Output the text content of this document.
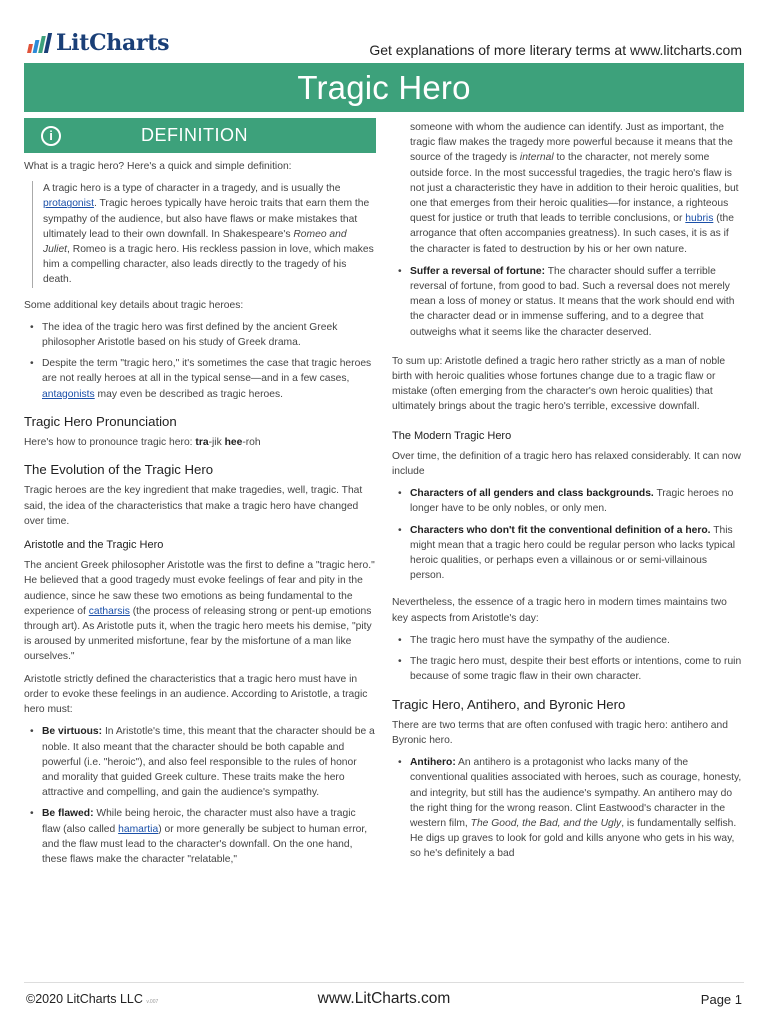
LitCharts	Get explanations of more literary terms at www.litcharts.com
Tragic Hero
i	DEFINITION

What is a tragic hero? Here's a quick and simple definition:

A tragic hero is a type of character in a tragedy, and is usually the protagonist. Tragic heroes typically have heroic traits that earn them the sympathy of the audience, but also have flaws or make mistakes that ultimately lead to their own downfall. In Shakespeare's Romeo and Juliet, Romeo is a tragic hero. His reckless passion in love, which makes him a compelling character, also leads directly to the tragedy of his death.

Some additional key details about tragic heroes:

• The idea of the tragic hero was first defined by the ancient Greek philosopher Aristotle based on his study of Greek drama.
• Despite the term "tragic hero," it's sometimes the case that tragic heroes are not really heroes at all in the typical sense—and in a few cases, antagonists may even be described as tragic heroes.
Tragic Hero Pronunciation

Here's how to pronounce tragic hero: tra-jik hee-roh

The Evolution of the Tragic Hero

Tragic heroes are the key ingredient that make tragedies, well, tragic. That said, the idea of the characteristics that make a tragic hero have changed over time.

Aristotle and the Tragic Hero

The ancient Greek philosopher Aristotle was the first to define a "tragic hero." He believed that a good tragedy must evoke feelings of fear and pity in the audience, since he saw these two emotions as being fundamental to the experience of catharsis (the process of releasing strong or pent-up emotions through art). As Aristotle puts it, when the tragic hero meets his demise, "pity is aroused by unmerited misfortune, fear by the misfortune of a man like ourselves."

Aristotle strictly defined the characteristics that a tragic hero must have in order to evoke these feelings in an audience. According to Aristotle, a tragic hero must:

• Be virtuous: In Aristotle's time, this meant that the character should be a noble. It also meant that the character should be both capable and powerful (i.e. "heroic"), and also feel responsible to the rules of honor and morality that guided Greek culture. These traits make the hero attractive and compelling, and gain the audience's sympathy.
• Be flawed: While being heroic, the character must also have a tragic flaw (also called hamartia) or more generally be subject to human error, and the flaw must lead to the character's downfall. On the one hand, these flaws make the character "relatable,"

someone with whom the audience can identify. Just as important, the tragic flaw makes the tragedy more powerful because it means that the source of the tragedy is internal to the character, not merely some outside force. In the most successful tragedies, the tragic hero's flaw is not just a characteristic they have in addition to their heroic qualities, but one that emerges from their heroic qualities—for instance, a righteous quest for justice or truth that leads to terrible conclusions, or hubris (the arrogance that often accompanies greatness). In such cases, it is as if the character is fated to destruction by his or her own nature.

• Suffer a reversal of fortune: The character should suffer a terrible reversal of fortune, from good to bad. Such a reversal does not merely mean a loss of money or status. It means that the work should end with the character dead or in immense suffering, and to a degree that outweighs what it seems like the character deserved.

To sum up: Aristotle defined a tragic hero rather strictly as a man of noble birth with heroic qualities whose fortunes change due to a tragic flaw or mistake (often emerging from the character's own heroic qualities) that ultimately brings about the tragic hero's terrible, excessive downfall.

The Modern Tragic Hero

Over time, the definition of a tragic hero has relaxed considerably. It can now include

• Characters of all genders and class backgrounds. Tragic heroes no longer have to be only nobles, or only men.
• Characters who don't fit the conventional definition of a hero. This might mean that a tragic hero could be regular person who lacks typical heroic qualities, or perhaps even a villainous or or semi-villainous person.

Nevertheless, the essence of a tragic hero in modern times maintains two key aspects from Aristotle's day:

• The tragic hero must have the sympathy of the audience.
• The tragic hero must, despite their best efforts or intentions, come to ruin because of some tragic flaw in their own character.
Tragic Hero, Antihero, and Byronic Hero

There are two terms that are often confused with tragic hero: antihero and Byronic hero.

• Antihero: An antihero is a protagonist who lacks many of the conventional qualities associated with heroes, such as courage, honesty, and integrity, but still has the audience's sympathy. An antihero may do the right thing for the wrong reason. Clint Eastwood's character in the western film, The Good, the Bad, and the Ugly, is fundamentally selfish. He digs up graves to look for gold and kills anyone who gets in his way, so he's definitely a bad
www.LitCharts.com
©2020 LitCharts LLC v.007	Page 1
